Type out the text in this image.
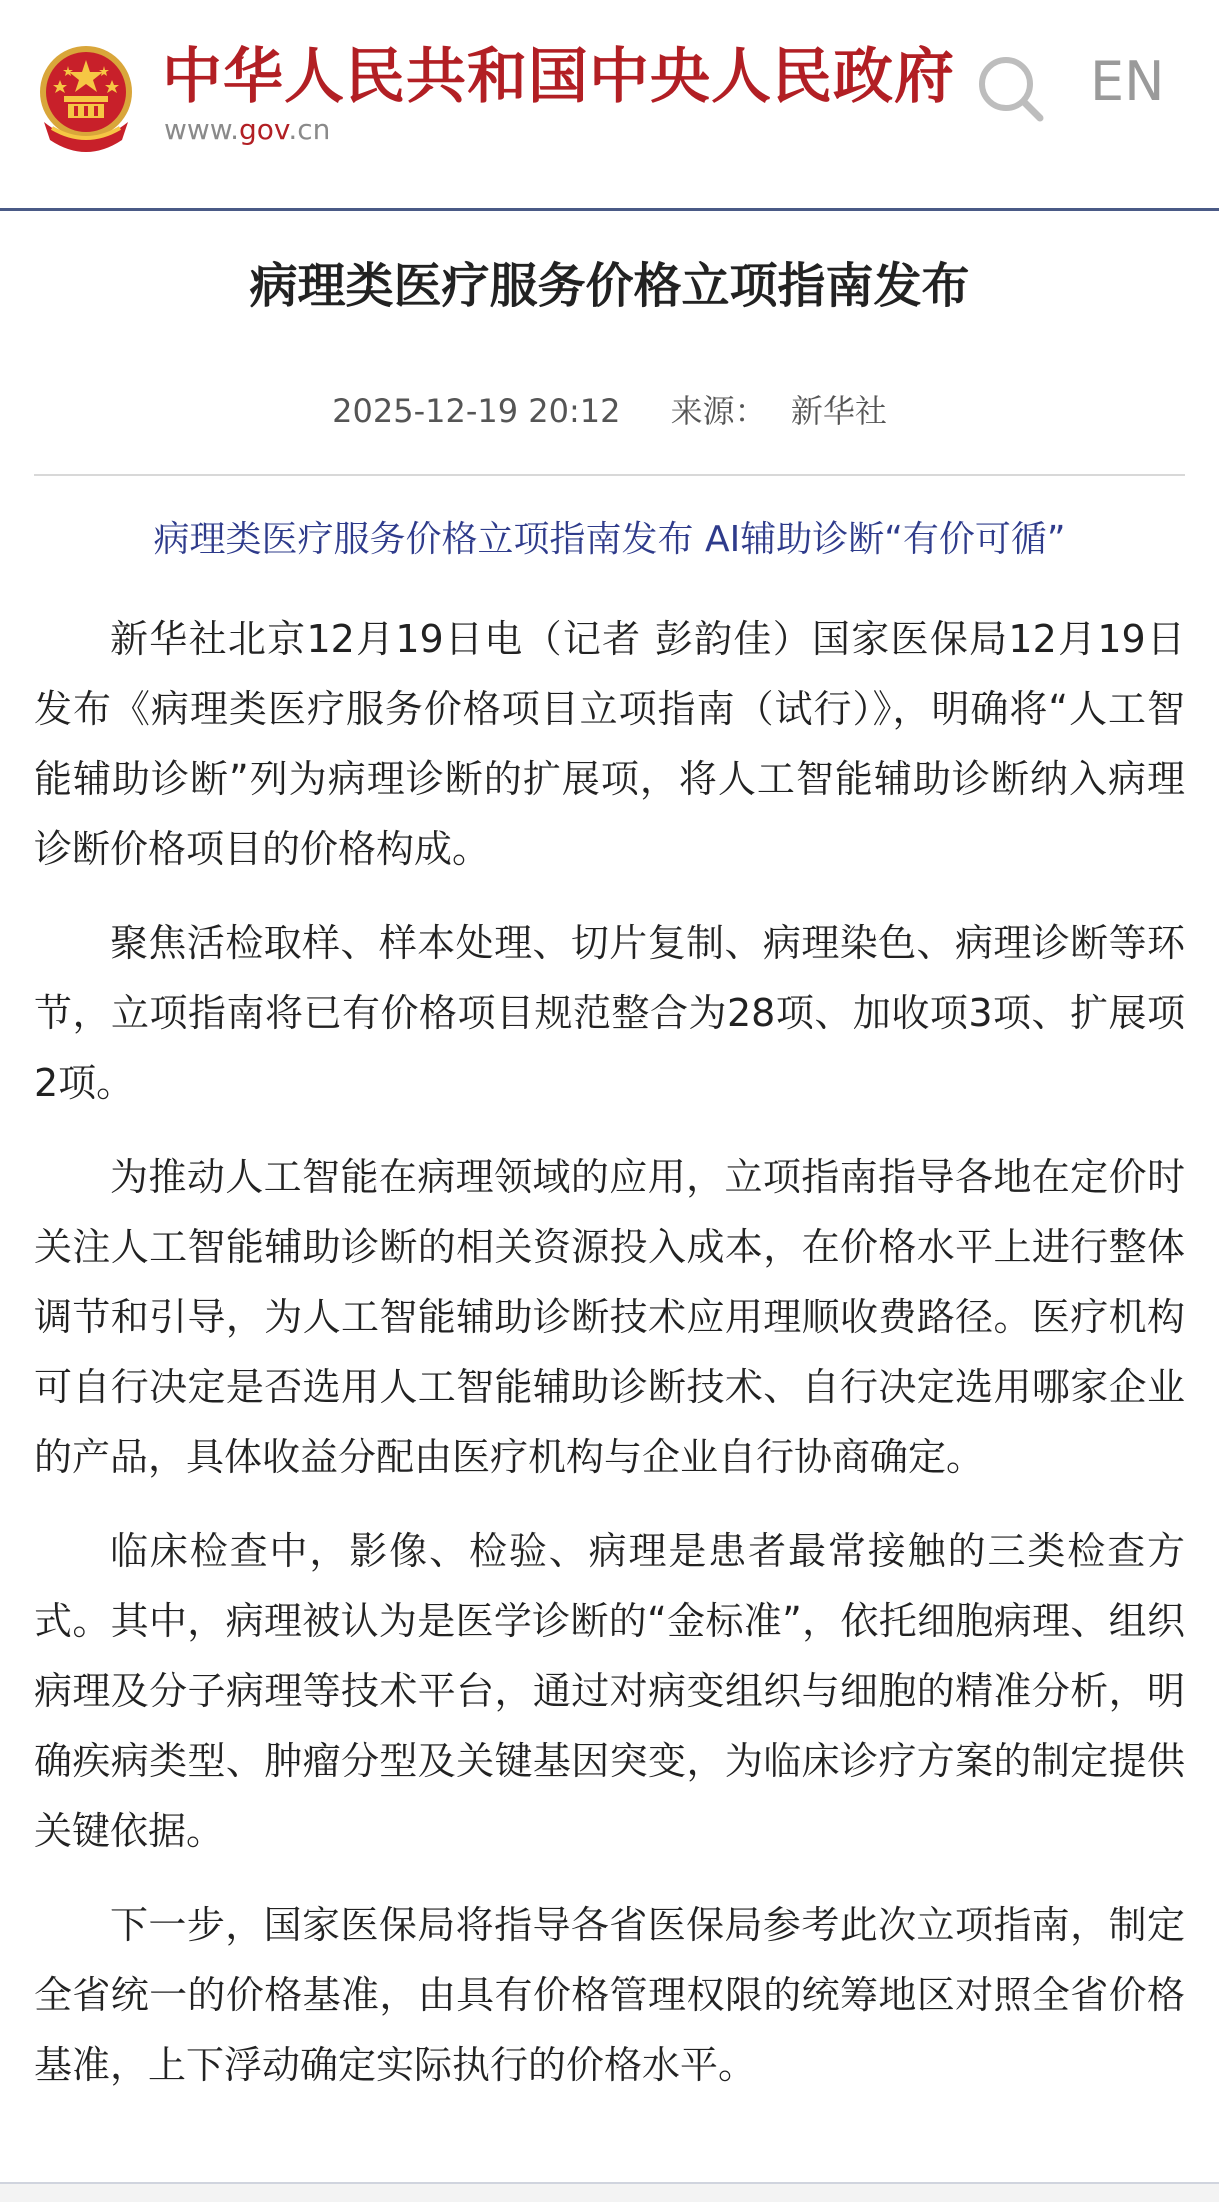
中华人民共和国中央人民政府
www.gov.cn
EN
病理类医疗服务价格立项指南发布
2025-12-19 20:12 来源： 新华社
病理类医疗服务价格立项指南发布 AI辅助诊断“有价可循”

新华社北京12月19日电（记者 彭韵佳）国家医保局12月19日发布《病理类医疗服务价格项目立项指南（试行）》，明确将“人工智能辅助诊断”列为病理诊断的扩展项，将人工智能辅助诊断纳入病理诊断价格项目的价格构成。

聚焦活检取样、样本处理、切片复制、病理染色、病理诊断等环节，立项指南将已有价格项目规范整合为28项、加收项3项、扩展项2项。

为推动人工智能在病理领域的应用，立项指南指导各地在定价时关注人工智能辅助诊断的相关资源投入成本，在价格水平上进行整体调节和引导，为人工智能辅助诊断技术应用理顺收费路径。医疗机构可自行决定是否选用人工智能辅助诊断技术、自行决定选用哪家企业的产品，具体收益分配由医疗机构与企业自行协商确定。

临床检查中，影像、检验、病理是患者最常接触的三类检查方式。其中，病理被认为是医学诊断的“金标准”，依托细胞病理、组织病理及分子病理等技术平台，通过对病变组织与细胞的精准分析，明确疾病类型、肿瘤分型及关键基因突变，为临床诊疗方案的制定提供关键依据。

下一步，国家医保局将指导各省医保局参考此次立项指南，制定全省统一的价格基准，由具有价格管理权限的统筹地区对照全省价格基准，上下浮动确定实际执行的价格水平。
